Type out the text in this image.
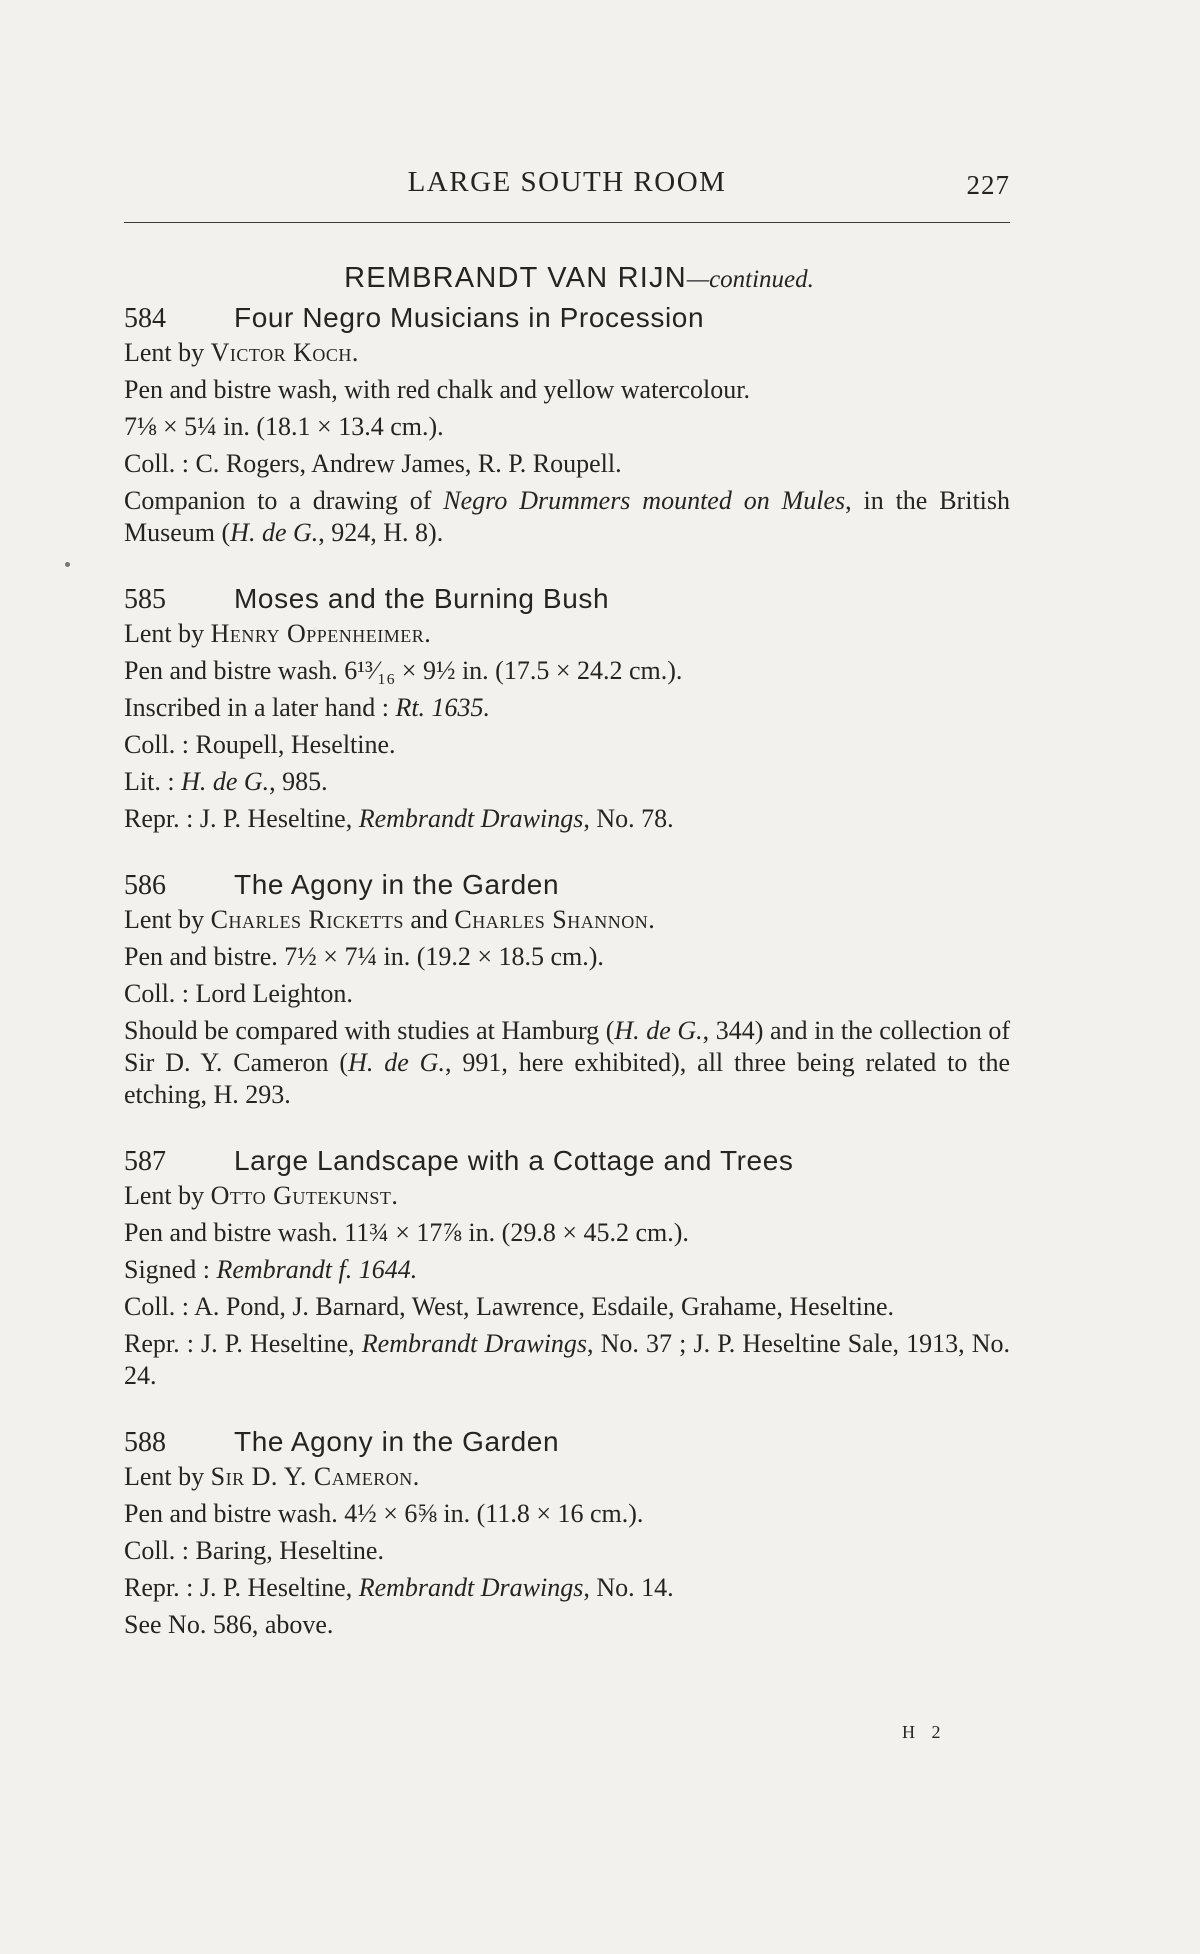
LARGE SOUTH ROOM	227
REMBRANDT VAN RIJN—continued.
584	Four Negro Musicians in Procession
Lent by Victor Koch.
Pen and bistre wash, with red chalk and yellow watercolour.
7⅛ × 5¼ in. (18.1 × 13.4 cm.).
Coll. : C. Rogers, Andrew James, R. P. Roupell.
Companion to a drawing of Negro Drummers mounted on Mules, in the British Museum (H. de G., 924, H. 8).
585	Moses and the Burning Bush
Lent by Henry Oppenheimer.
Pen and bistre wash. 6¹³⁄₁₆ × 9½ in. (17.5 × 24.2 cm.).
Inscribed in a later hand : Rt. 1635.
Coll. : Roupell, Heseltine.
Lit. : H. de G., 985.
Repr. : J. P. Heseltine, Rembrandt Drawings, No. 78.
586	The Agony in the Garden
Lent by Charles Ricketts and Charles Shannon.
Pen and bistre. 7½ × 7¼ in. (19.2 × 18.5 cm.).
Coll. : Lord Leighton.
Should be compared with studies at Hamburg (H. de G., 344) and in the collection of Sir D. Y. Cameron (H. de G., 991, here exhibited), all three being related to the etching, H. 293.
587	Large Landscape with a Cottage and Trees
Lent by Otto Gutekunst.
Pen and bistre wash. 11¾ × 17⅞ in. (29.8 × 45.2 cm.).
Signed : Rembrandt f. 1644.
Coll. : A. Pond, J. Barnard, West, Lawrence, Esdaile, Grahame, Heseltine.
Repr. : J. P. Heseltine, Rembrandt Drawings, No. 37 ; J. P. Heseltine Sale, 1913, No. 24.
588	The Agony in the Garden
Lent by Sir D. Y. Cameron.
Pen and bistre wash. 4½ × 6⅝ in. (11.8 × 16 cm.).
Coll. : Baring, Heseltine.
Repr. : J. P. Heseltine, Rembrandt Drawings, No. 14.
See No. 586, above.
H 2
